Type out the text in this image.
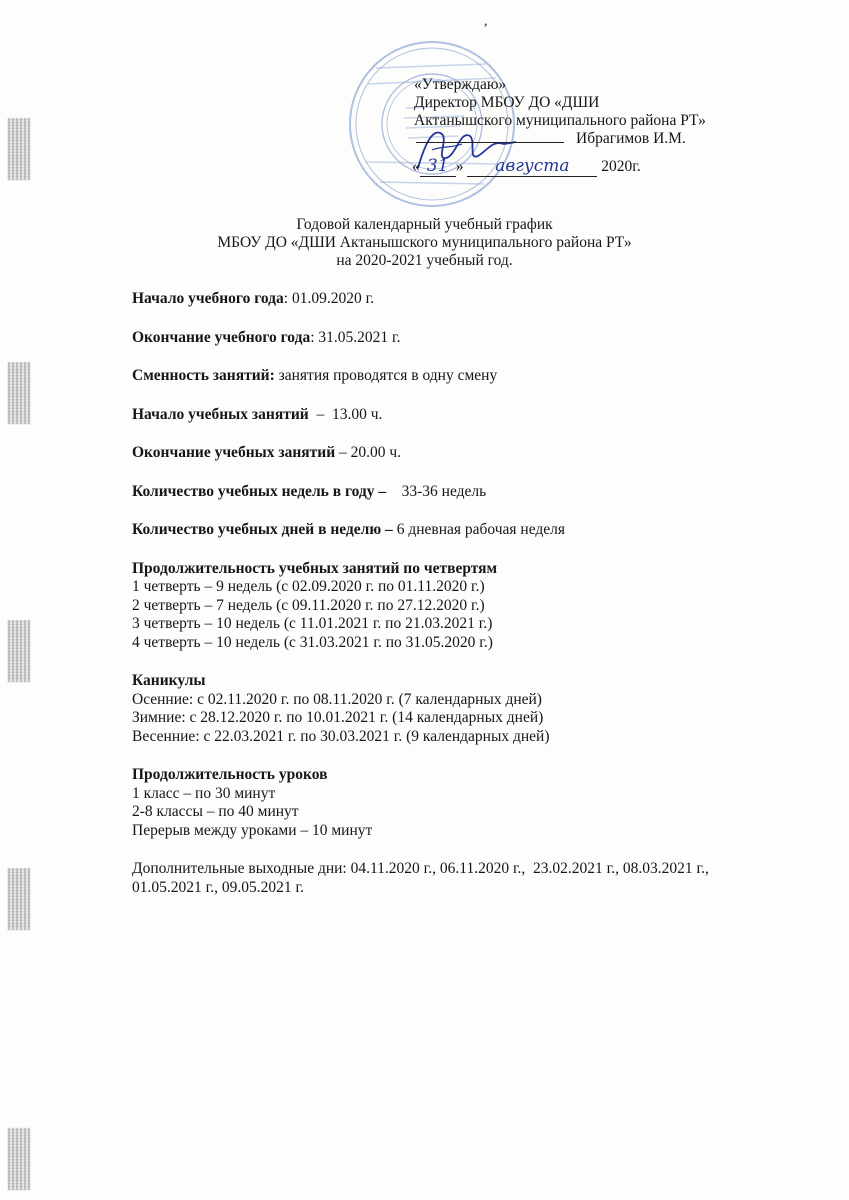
,
«Утверждаю»
Директор МБОУ ДО «ДШИ
Актанышского муниципального района РТ»
Ибрагимов И.М.
« 31 » августа 2020г.
Годовой календарный учебный график
МБОУ ДО «ДШИ Актанышского муниципального района РТ»
на 2020-2021 учебный год.

Начало учебного года: 01.09.2020 г.

Окончание учебного года: 31.05.2021 г.

Сменность занятий: занятия проводятся в одну смену

Начало учебных занятий  –  13.00 ч.

Окончание учебных занятий – 20.00 ч.

Количество учебных недель в году – 33-36 недель

Количество учебных дней в неделю – 6 дневная рабочая неделя

Продолжительность учебных занятий по четвертям

1 четверть – 9 недель (с 02.09.2020 г. по 01.11.2020 г.)

2 четверть – 7 недель (с 09.11.2020 г. по 27.12.2020 г.)

3 четверть – 10 недель (с 11.01.2021 г. по 21.03.2021 г.)

4 четверть – 10 недель (с 31.03.2021 г. по 31.05.2020 г.)

Каникулы

Осенние: с 02.11.2020 г. по 08.11.2020 г. (7 календарных дней)

Зимние: с 28.12.2020 г. по 10.01.2021 г. (14 календарных дней)

Весенние: с 22.03.2021 г. по 30.03.2021 г. (9 календарных дней)

Продолжительность уроков

1 класс – по 30 минут

2-8 классы – по 40 минут

Перерыв между уроками – 10 минут

Дополнительные выходные дни: 04.11.2020 г., 06.11.2020 г.,  23.02.2021 г., 08.03.2021 г.,

01.05.2021 г., 09.05.2021 г.
